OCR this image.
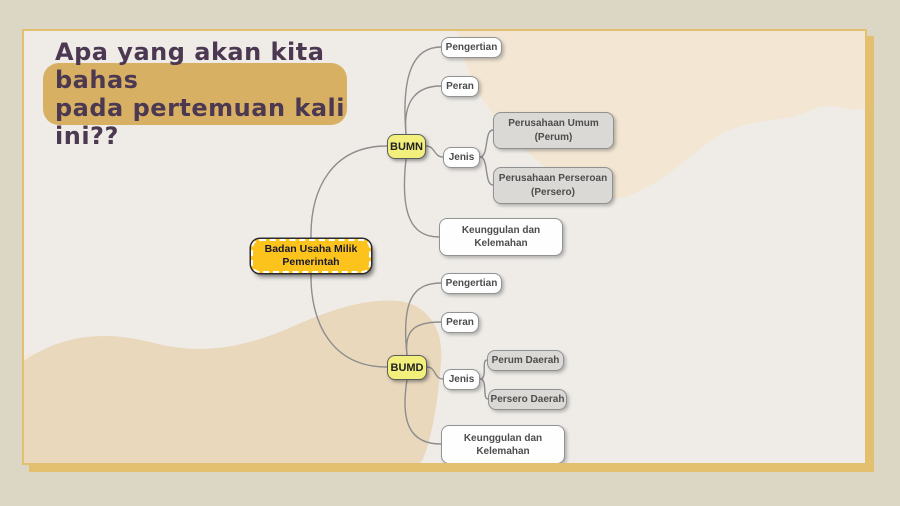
Apa yang akan kita bahas
pada pertemuan kali ini??
Badan Usaha Milik
Pemerintah
BUMN
Pengertian
Peran
Jenis
Perusahaan Umum
(Perum)
Perusahaan Perseroan
(Persero)
Keunggulan dan
Kelemahan
BUMD
Pengertian
Peran
Jenis
Perum Daerah
Persero Daerah
Keunggulan dan
Kelemahan
